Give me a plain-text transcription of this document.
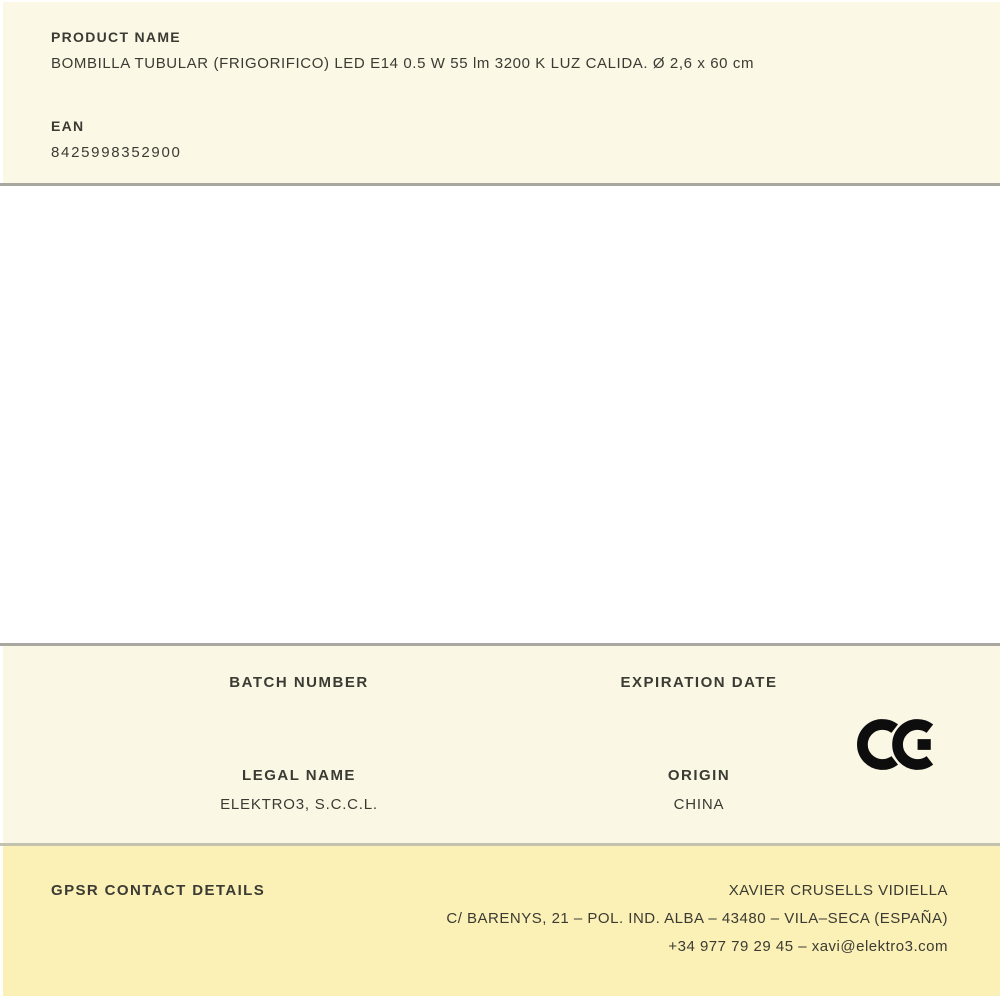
PRODUCT NAME
BOMBILLA TUBULAR (FRIGORIFICO) LED E14 0.5 W 55 lm 3200 K LUZ CALIDA. Ø 2,6 x 60 cm
EAN
8425998352900
BATCH NUMBER	EXPIRATION DATE
LEGAL NAME
ELEKTRO3, S.C.C.L.
ORIGIN
CHINA
GPSR CONTACT DETAILS	XAVIER CRUSELLS VIDIELLA
C/ BARENYS, 21 – POL. IND. ALBA – 43480 – VILA–SECA (ESPAÑA)
+34 977 79 29 45 – xavi@elektro3.com
